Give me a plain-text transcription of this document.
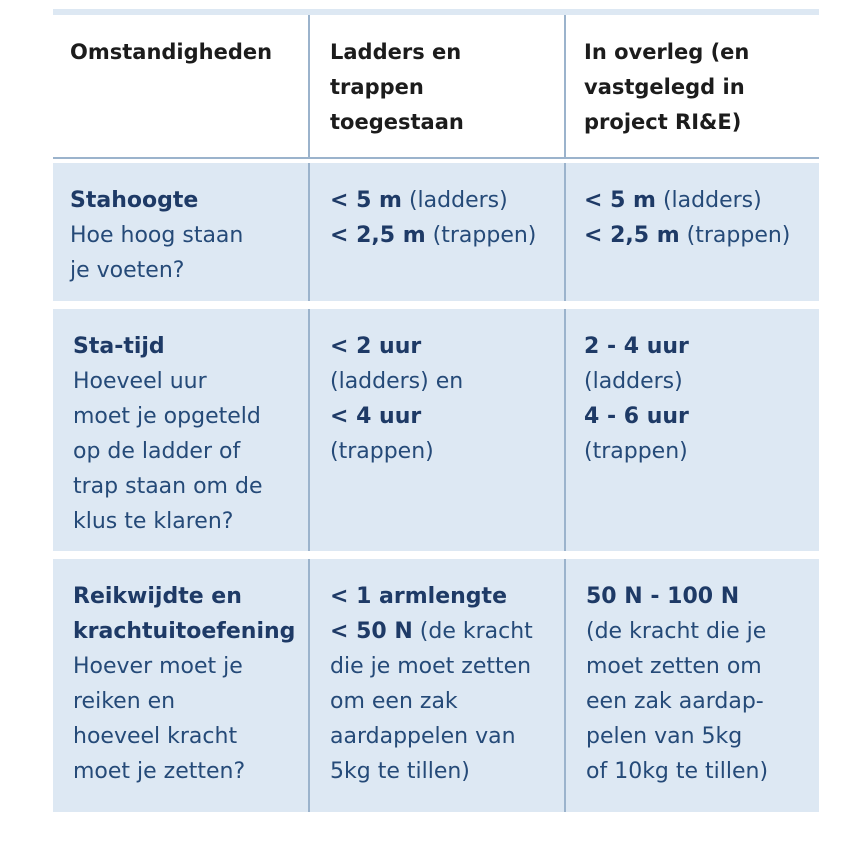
Omstandigheden	Ladders en
trappen
toegestaan
In overleg (en
vastgelegd in
project RI&E)
Stahoogte
Hoe hoog staan
je voeten?
< 5 m (ladders)
< 2,5 m (trappen)
< 5 m (ladders)
< 2,5 m (trappen)
Sta-tijd
Hoeveel uur
moet je opgeteld
op de ladder of
trap staan om de
klus te klaren?
< 2 uur
(ladders) en
< 4 uur
(trappen)
2 - 4 uur
(ladders)
4 - 6 uur
(trappen)
Reikwijdte en
krachtuitoefening
Hoever moet je
reiken en
hoeveel kracht
moet je zetten?
< 1 armlengte
< 50 N (de kracht
die je moet zetten
om een zak
aardappelen van
5kg te tillen)
50 N - 100 N
(de kracht die je
moet zetten om
een zak aardap-
pelen van 5kg
of 10kg te tillen)
